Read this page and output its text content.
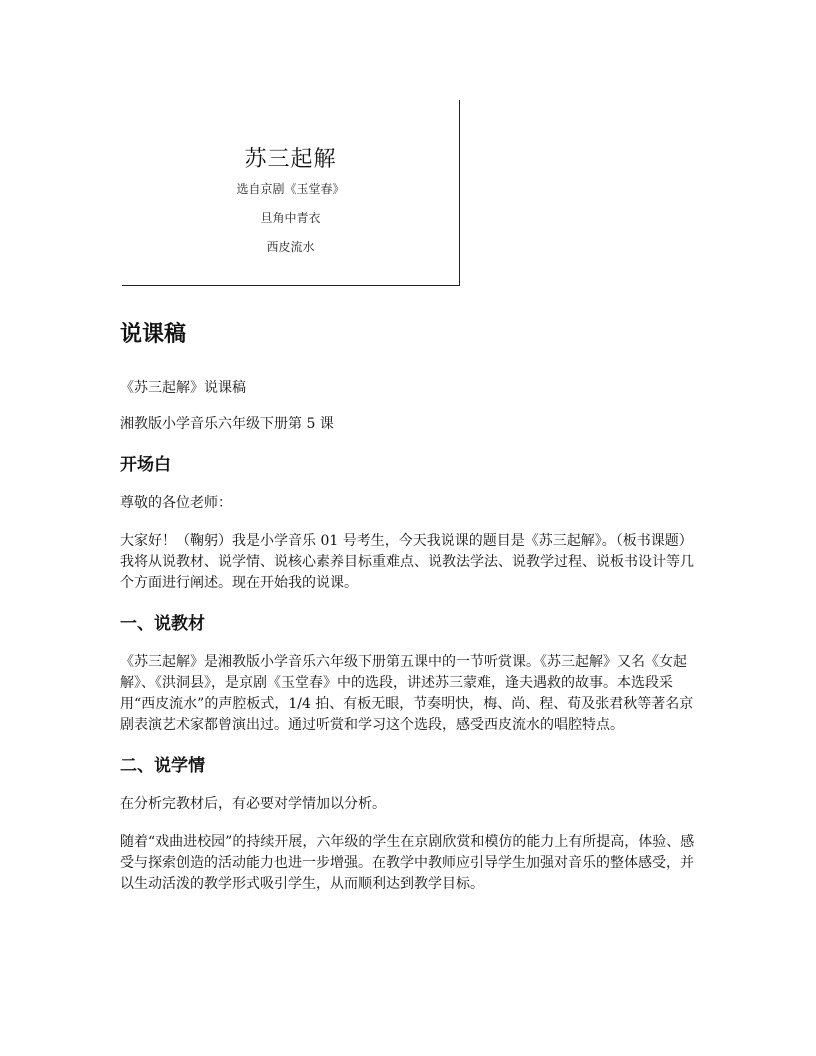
苏三起解
选自京剧《玉堂春》
旦角中青衣
西皮流水
说课稿

《苏三起解》说课稿

湘教版小学音乐六年级下册第 5 课

开场白

尊敬的各位老师：

大家好！（鞠躬）我是小学音乐 01 号考生，今天我说课的题目是《苏三起解》。（板书课题）我将从说教材、说学情、说核心素养目标重难点、说教法学法、说教学过程、说板书设计等几个方面进行阐述。现在开始我的说课。

一、说教材

《苏三起解》是湘教版小学音乐六年级下册第五课中的一节听赏课。《苏三起解》又名《女起解》、《洪洞县》，是京剧《玉堂春》中的选段，讲述苏三蒙难，逢夫遇救的故事。本选段采用“西皮流水”的声腔板式，1/4 拍、有板无眼，节奏明快，梅、尚、程、荀及张君秋等著名京剧表演艺术家都曾演出过。通过听赏和学习这个选段，感受西皮流水的唱腔特点。

二、说学情

在分析完教材后，有必要对学情加以分析。

随着“戏曲进校园”的持续开展，六年级的学生在京剧欣赏和模仿的能力上有所提高，体验、感受与探索创造的活动能力也进一步增强。在教学中教师应引导学生加强对音乐的整体感受，并以生动活泼的教学形式吸引学生，从而顺利达到教学目标。
